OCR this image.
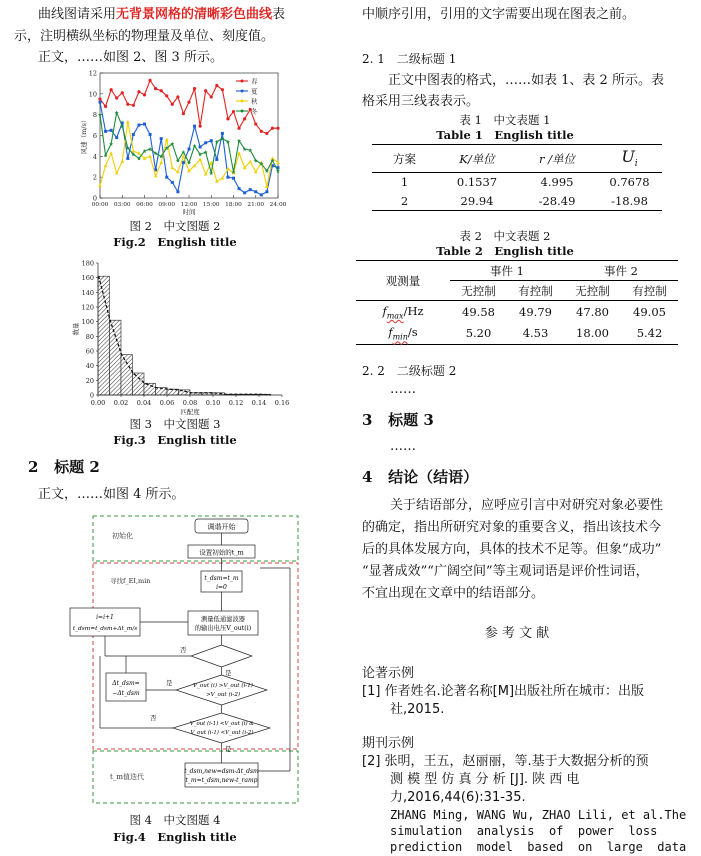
曲线图请采用无背景网格的清晰彩色曲线表
示，注明横纵坐标的物理量及单位、刻度值。
正文，……如图 2、图 3 所示。
0
2
4
6
8
10
12
00:00 03:00 06:00 09:00 12:00 15:00 18:00 21:00 24:00
时间
风速（m/s）
春
夏
秋
冬
图 2　中文图题 2
Fig.2　English title
0
20
40
60
80
100
120
140
160
180
0.00 0.02 0.04 0.06 0.08 0.10 0.12 0.14 0.16
匹配度
数量
图 3　中文图题 3
Fig.3　English title
2 标题 2
正文，……如图 4 所示。
初始化
寻找f_EI,min
t_m值迭代
调谐开始
设置初始的t_m
t_dsm=t_m
i=0
测量低通滤波器
的输出电压V_out(i)
否
是
V_out (i) >V_out (i-1)
>V_out (i-2)
是
否
V_out (i-1) <V_out (i) &
V_out (i-1) <V_out (i-2)
是
t_dsm,new=dsm-Δt_dsm
t_m=t_dsm,new-t_ramp
i=i+1
t_dsm=t_dsm+Δt_m/s
Δt_dsm=
−Δt_dsm
图 4　中文图题 4
Fig.4　English title
中顺序引用，引用的文字需要出现在图表之前。
2. 1　二级标题 1
正文中图表的格式，……如表 1、表 2 所示。表
格采用三线表表示。
表 1　中文表题 1
Table 1　English title
方案	K/单位	r /单位	$U_i$
1	0.1537	4.995	0.7678
2	29.94	-28.49	-18.98
表 2　中文表题 2
Table 2　English title
观测量	事件 1		事件 2	
	无控制	有控制	无控制	有控制
$f_{max}/Hz$	49.58	49.79	47.80	49.05
$f_{min}/s$	5.20	4.53	18.00	5.42
2. 2　二级标题 2
……
3 标题 3
……
4 结论（结语）
关于结语部分，应呼应引言中对研究对象必要性
的确定，指出所研究对象的重要含义，指出该技术今
后的具体发展方向，具体的技术不足等。但象“成功”
“显著成效”“广阔空间”等主观词语是评价性词语，
不宜出现在文章中的结语部分。
参 考 文 献
论著示例
[1] 作者姓名.论著名称[M]出版社所在城市：出版
社,2015.
期刊示例
[2] 张明，王五，赵丽丽，等.基于大数据分析的预
测 模 型 仿 真 分 析 [J]. 陕 西 电
力,2016,44(6):31-35.
ZHANG Ming, WANG Wu, ZHAO Lili, et al.The
simulation  analysis  of  power  loss
prediction  model  based  on  large  data
